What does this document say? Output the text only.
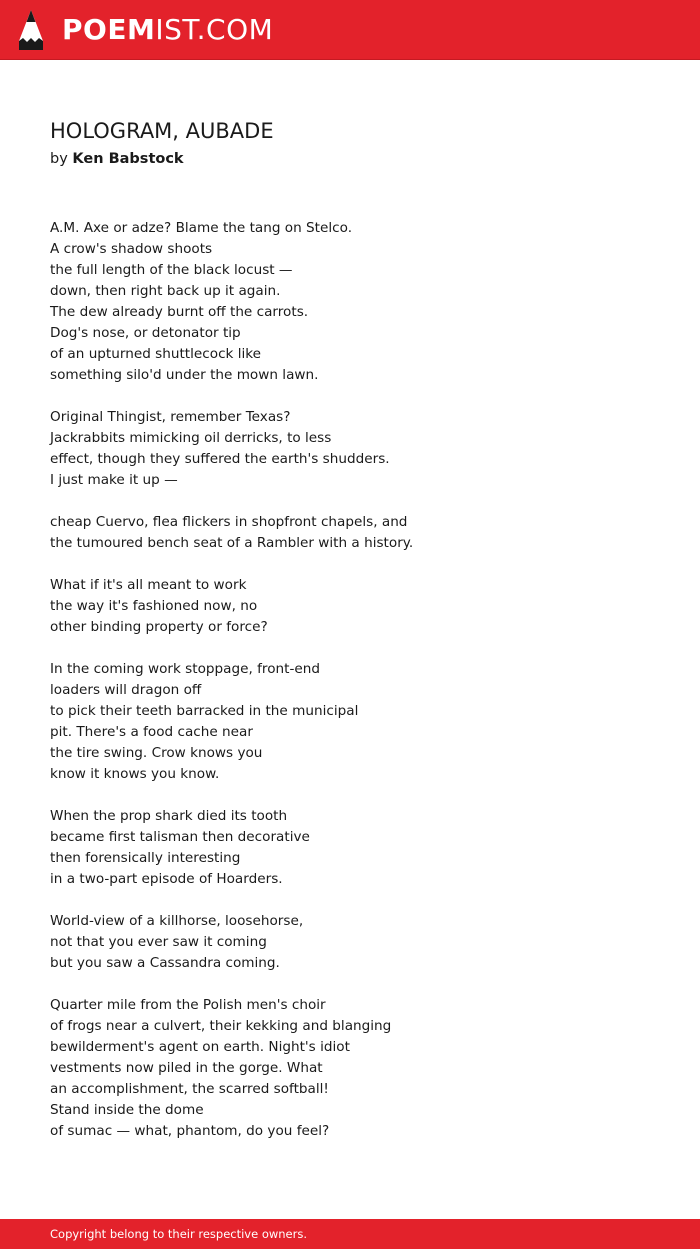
POEMIST.COM
HOLOGRAM, AUBADE
by Ken Babstock
A.M. Axe or adze? Blame the tang on Stelco.
A crow's shadow shoots
the full length of the black locust —
down, then right back up it again.
The dew already burnt off the carrots.
Dog's nose, or detonator tip
of an upturned shuttlecock like
something silo'd under the mown lawn.
Original Thingist, remember Texas?
Jackrabbits mimicking oil derricks, to less
effect, though they suffered the earth's shudders.
I just make it up —
cheap Cuervo, flea flickers in shopfront chapels, and
the tumoured bench seat of a Rambler with a history.
What if it's all meant to work
the way it's fashioned now, no
other binding property or force?
In the coming work stoppage, front-end
loaders will dragon off
to pick their teeth barracked in the municipal
pit. There's a food cache near
the tire swing. Crow knows you
know it knows you know.
When the prop shark died its tooth
became first talisman then decorative
then forensically interesting
in a two-part episode of Hoarders.
World-view of a killhorse, loosehorse,
not that you ever saw it coming
but you saw a Cassandra coming.
Quarter mile from the Polish men's choir
of frogs near a culvert, their kekking and blanging
bewilderment's agent on earth. Night's idiot
vestments now piled in the gorge. What
an accomplishment, the scarred softball!
Stand inside the dome
of sumac — what, phantom, do you feel?
Copyright belong to their respective owners.
